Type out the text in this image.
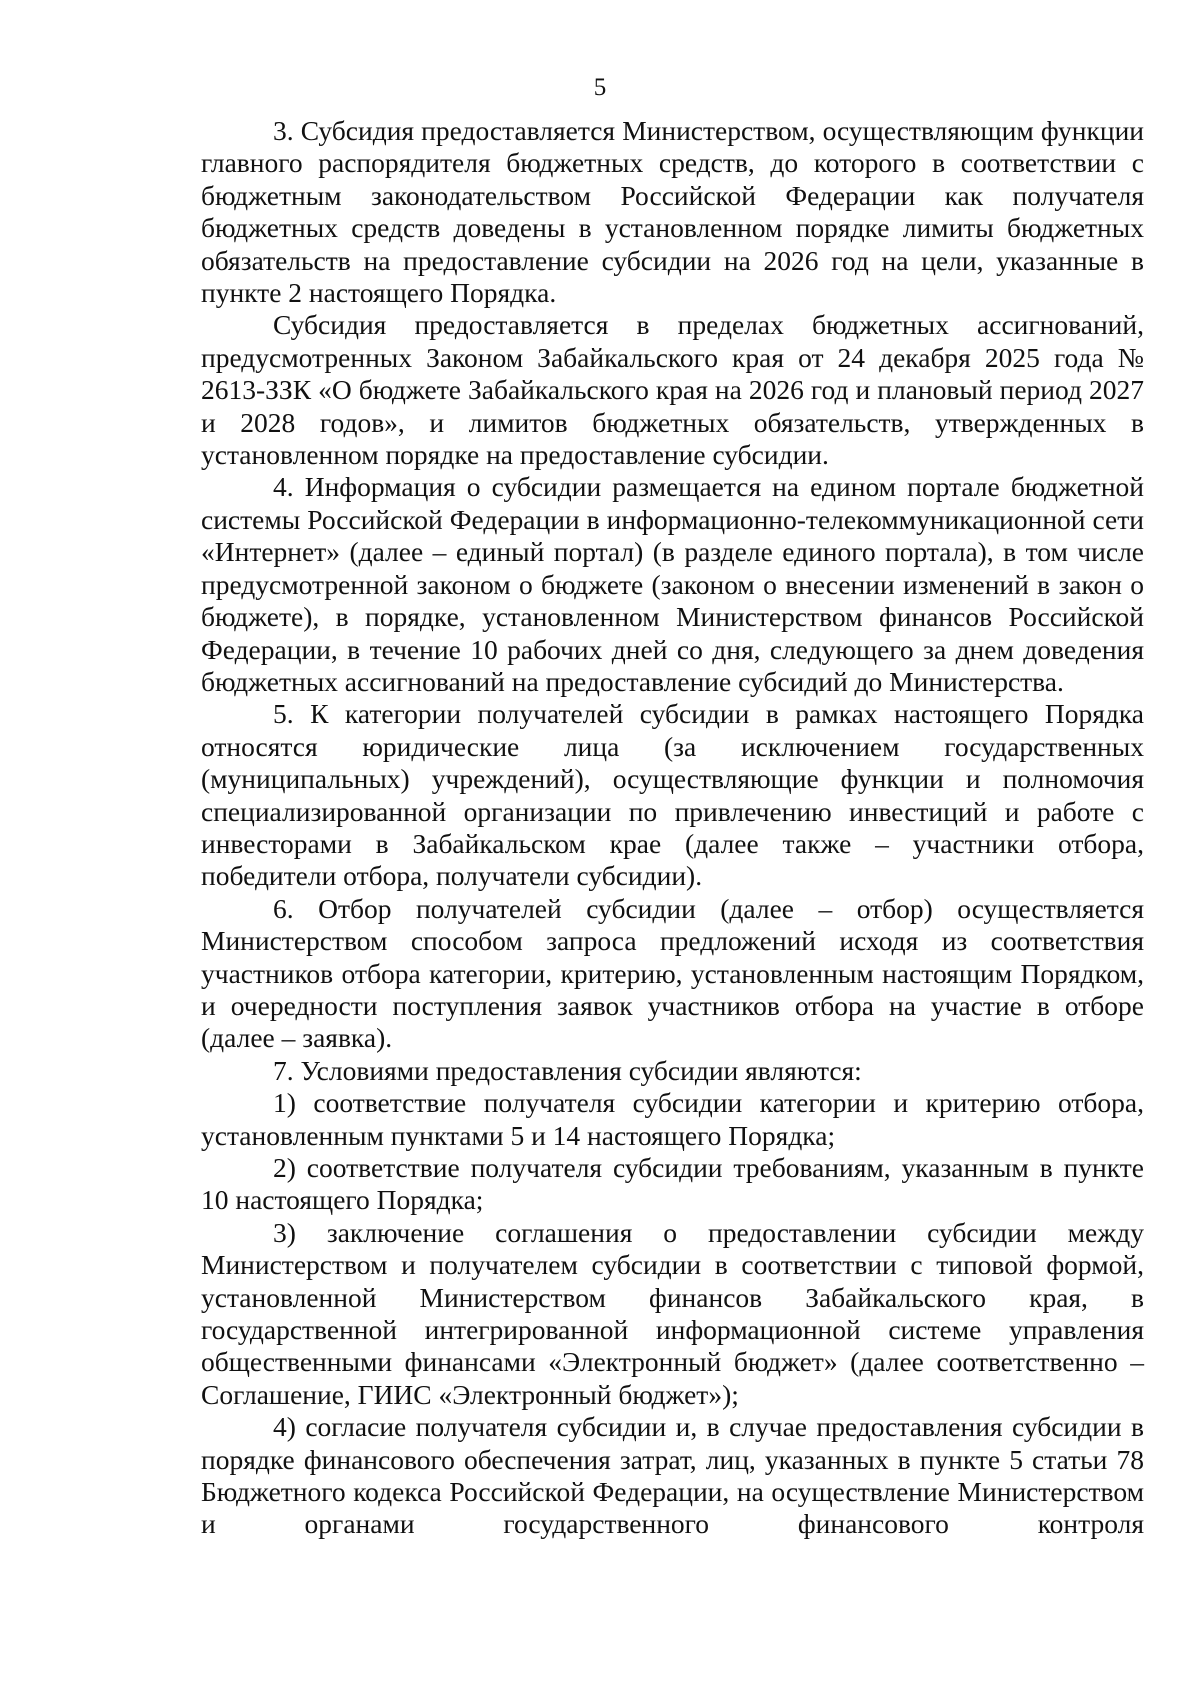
5

3. Субсидия предоставляется Министерством, осуществляющим функции главного распорядителя бюджетных средств, до которого в соответствии с бюджетным законодательством Российской Федерации как получателя бюджетных средств доведены в установленном порядке лимиты бюджетных обязательств на предоставление субсидии на 2026 год на цели, указанные в пункте 2 настоящего Порядка.

Субсидия предоставляется в пределах бюджетных ассигнований, предусмотренных Законом Забайкальского края от 24 декабря 2025 года № 2613-ЗЗК «О бюджете Забайкальского края на 2026 год и плановый период 2027 и 2028 годов», и лимитов бюджетных обязательств, утвержденных в установленном порядке на предоставление субсидии.

4. Информация о субсидии размещается на едином портале бюджетной системы Российской Федерации в информационно-телекоммуникационной сети «Интернет» (далее – единый портал) (в разделе единого портала), в том числе предусмотренной законом о бюджете (законом о внесении изменений в закон о бюджете), в порядке, установленном Министерством финансов Российской Федерации, в течение 10 рабочих дней со дня, следующего за днем доведения бюджетных ассигнований на предоставление субсидий до Министерства.

5. К категории получателей субсидии в рамках настоящего Порядка относятся юридические лица (за исключением государственных (муниципальных) учреждений), осуществляющие функции и полномочия специализированной организации по привлечению инвестиций и работе с инвесторами в Забайкальском крае (далее также – участники отбора, победители отбора, получатели субсидии).

6. Отбор получателей субсидии (далее – отбор) осуществляется Министерством способом запроса предложений исходя из соответствия участников отбора категории, критерию, установленным настоящим Порядком, и очередности поступления заявок участников отбора на участие в отборе (далее – заявка).

7. Условиями предоставления субсидии являются:

1) соответствие получателя субсидии категории и критерию отбора, установленным пунктами 5 и 14 настоящего Порядка;

2) соответствие получателя субсидии требованиям, указанным в пункте 10 настоящего Порядка;

3) заключение соглашения о предоставлении субсидии между Министерством и получателем субсидии в соответствии с типовой формой, установленной Министерством финансов Забайкальского края, в государственной интегрированной информационной системе управления общественными финансами «Электронный бюджет» (далее соответственно – Соглашение, ГИИС «Электронный бюджет»);

4) согласие получателя субсидии и, в случае предоставления субсидии в порядке финансового обеспечения затрат, лиц, указанных в пункте 5 статьи 78 Бюджетного кодекса Российской Федерации, на осуществление Министерством и органами государственного финансового контроля
